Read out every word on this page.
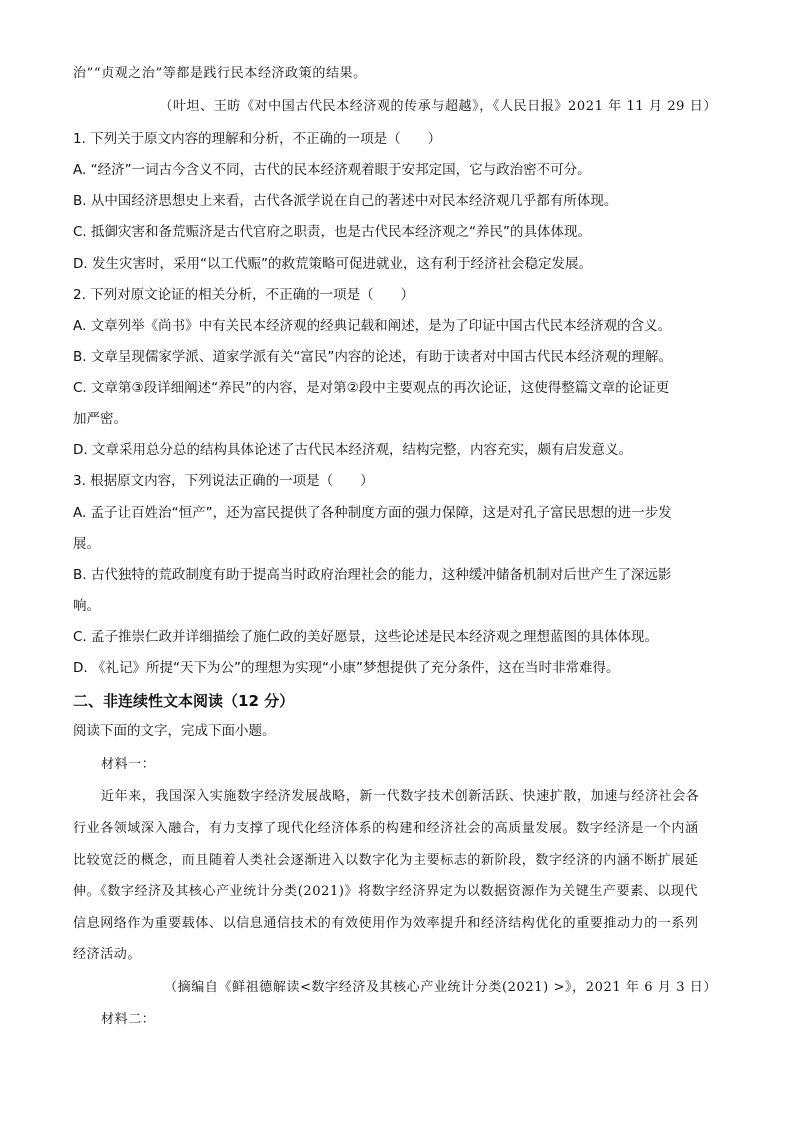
治”“贞观之治”等都是践行民本经济政策的结果。
（叶坦、王昉《对中国古代民本经济观的传承与超越》，《人民日报》2021 年 11 月 29 日）
1. 下列关于原文内容的理解和分析，不正确的一项是（　　）
A. “经济”一词古今含义不同，古代的民本经济观着眼于安邦定国，它与政治密不可分。
B. 从中国经济思想史上来看，古代各派学说在自己的著述中对民本经济观几乎都有所体现。
C. 抵御灾害和备荒赈济是古代官府之职责，也是古代民本经济观之“养民”的具体体现。
D. 发生灾害时，采用“以工代赈”的救荒策略可促进就业，这有利于经济社会稳定发展。
2. 下列对原文论证的相关分析，不正确的一项是（　　）
A. 文章列举《尚书》中有关民本经济观的经典记载和阐述，是为了印证中国古代民本经济观的含义。
B. 文章呈现儒家学派、道家学派有关“富民”内容的论述，有助于读者对中国古代民本经济观的理解。
C. 文章第③段详细阐述“养民”的内容，是对第②段中主要观点的再次论证，这使得整篇文章的论证更
加严密。
D. 文章采用总分总的结构具体论述了古代民本经济观，结构完整，内容充实，颇有启发意义。
3. 根据原文内容，下列说法正确的一项是（　　）
A. 孟子让百姓治“恒产”，还为富民提供了各种制度方面的强力保障，这是对孔子富民思想的进一步发
展。
B. 古代独特的荒政制度有助于提高当时政府治理社会的能力，这种缓冲储备机制对后世产生了深远影
响。
C. 孟子推崇仁政并详细描绘了施仁政的美好愿景，这些论述是民本经济观之理想蓝图的具体体现。
D. 《礼记》所提“天下为公”的理想为实现“小康”梦想提供了充分条件，这在当时非常难得。
二、非连续性文本阅读（12 分）
阅读下面的文字，完成下面小题。
材料一：
近年来，我国深入实施数字经济发展战略，新一代数字技术创新活跃、快速扩散，加速与经济社会各
行业各领域深入融合，有力支撑了现代化经济体系的构建和经济社会的高质量发展。数字经济是一个内涵
比较宽泛的概念，而且随着人类社会逐渐进入以数字化为主要标志的新阶段，数字经济的内涵不断扩展延
伸。《数字经济及其核心产业统计分类(2021)》将数字经济界定为以数据资源作为关键生产要素、以现代
信息网络作为重要载体、以信息通信技术的有效使用作为效率提升和经济结构优化的重要推动力的一系列
经济活动。
（摘编自《鲜祖德解读<数字经济及其核心产业统计分类(2021) >》，2021 年 6 月 3 日）
材料二：
